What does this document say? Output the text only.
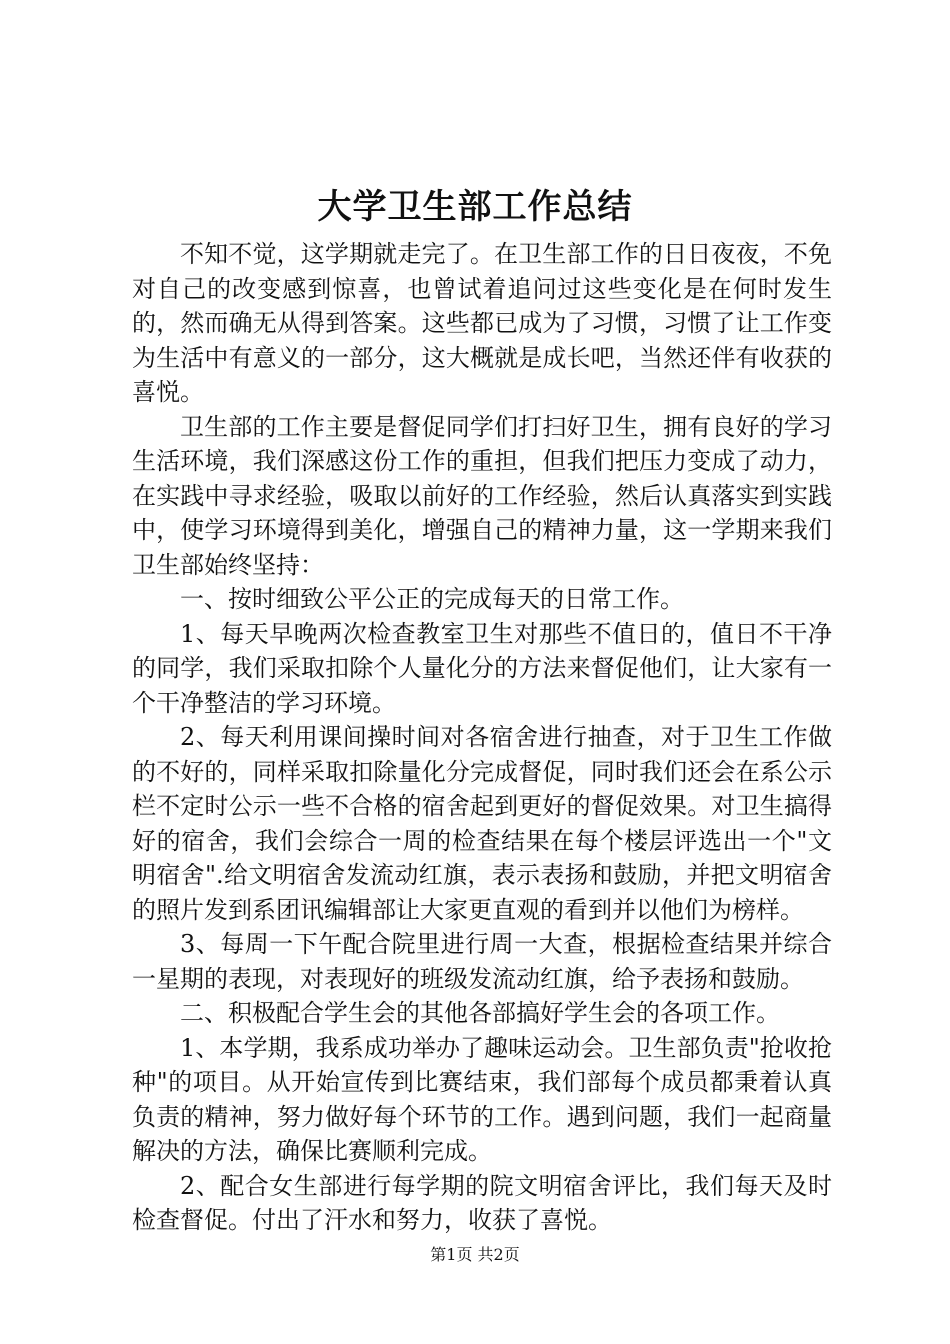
大学卫生部工作总结

不知不觉，这学期就走完了。在卫生部工作的日日夜夜，不免对自己的改变感到惊喜，也曾试着追问过这些变化是在何时发生的，然而确无从得到答案。这些都已成为了习惯，习惯了让工作变为生活中有意义的一部分，这大概就是成长吧，当然还伴有收获的喜悦。

卫生部的工作主要是督促同学们打扫好卫生，拥有良好的学习生活环境，我们深感这份工作的重担，但我们把压力变成了动力，在实践中寻求经验，吸取以前好的工作经验，然后认真落实到实践中，使学习环境得到美化，增强自己的精神力量，这一学期来我们卫生部始终坚持：

一、按时细致公平公正的完成每天的日常工作。

1、每天早晚两次检查教室卫生对那些不值日的，值日不干净的同学，我们采取扣除个人量化分的方法来督促他们，让大家有一个干净整洁的学习环境。

2、每天利用课间操时间对各宿舍进行抽查，对于卫生工作做的不好的，同样采取扣除量化分完成督促，同时我们还会在系公示栏不定时公示一些不合格的宿舍起到更好的督促效果。对卫生搞得好的宿舍，我们会综合一周的检查结果在每个楼层评选出一个"文明宿舍".给文明宿舍发流动红旗，表示表扬和鼓励，并把文明宿舍的照片发到系团讯编辑部让大家更直观的看到并以他们为榜样。

3、每周一下午配合院里进行周一大查，根据检查结果并综合一星期的表现，对表现好的班级发流动红旗，给予表扬和鼓励。

二、积极配合学生会的其他各部搞好学生会的各项工作。

1、本学期，我系成功举办了趣味运动会。卫生部负责"抢收抢种"的项目。从开始宣传到比赛结束，我们部每个成员都秉着认真负责的精神，努力做好每个环节的工作。遇到问题，我们一起商量解决的方法，确保比赛顺利完成。

2、配合女生部进行每学期的院文明宿舍评比，我们每天及时检查督促。付出了汗水和努力，收获了喜悦。

第1页 共2页
